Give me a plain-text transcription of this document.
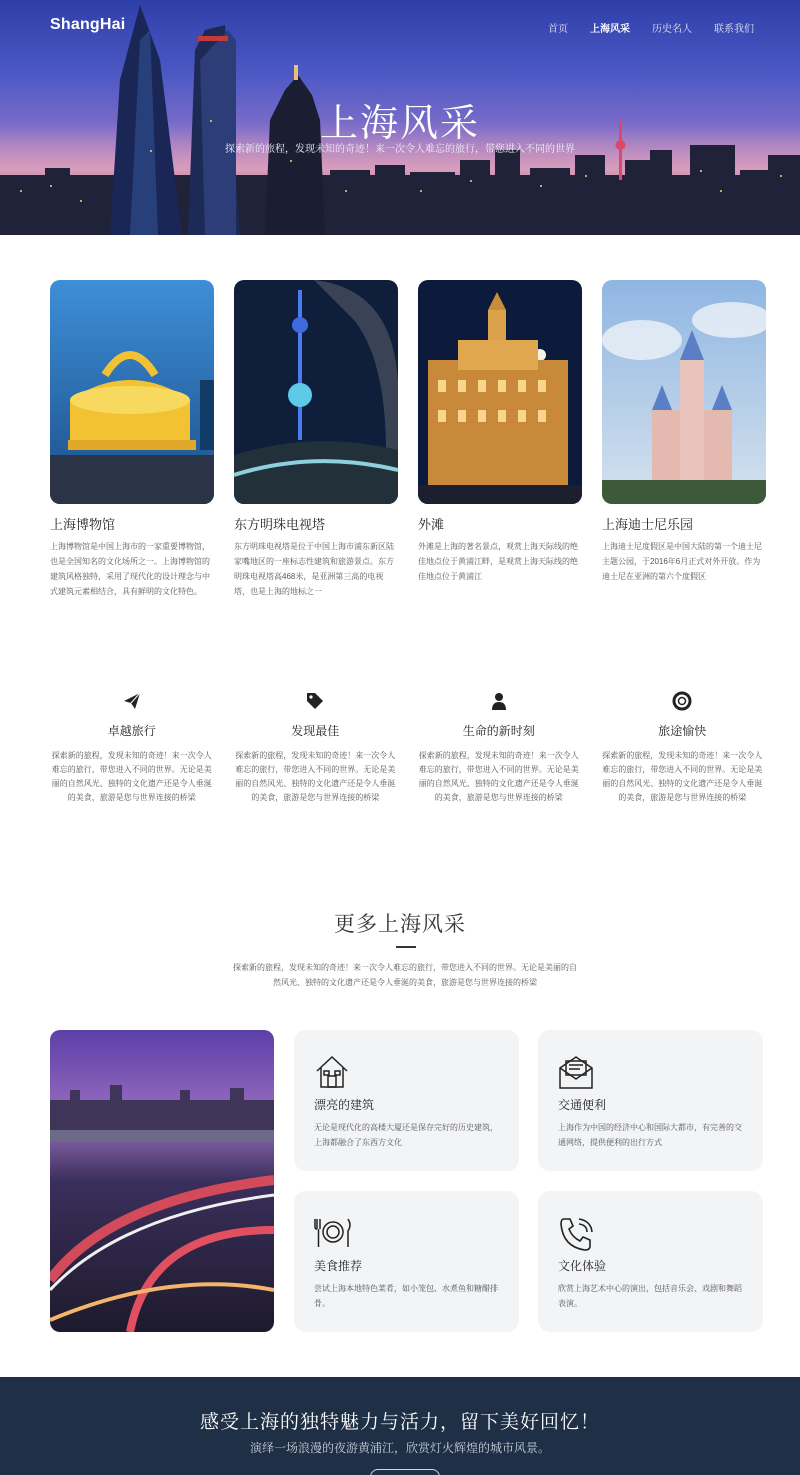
ShangHai	首页 上海风采 历史名人 联系我们
上海风采
探索新的旅程，发现未知的奇迹！来一次令人难忘的旅行，带您进入不同的世界
上海博物馆
上海博物馆是中国上海市的一家重要博物馆，也是全国知名的文化场所之一。上海博物馆的建筑风格独特，采用了现代化的设计理念与中式建筑元素相结合，具有鲜明的文化特色。
东方明珠电视塔
东方明珠电视塔是位于中国上海市浦东新区陆家嘴地区的一座标志性建筑和旅游景点。东方明珠电视塔高468米，是亚洲第三高的电视塔，也是上海的地标之一
外滩
外滩是上海的著名景点，观赏上海天际线的绝佳地点位于黄浦江畔，是观赏上海天际线的绝佳地点位于黄浦江
上海迪士尼乐园
上海迪士尼度假区是中国大陆的第一个迪士尼主题公园，于2016年6月正式对外开放。作为迪士尼在亚洲的第六个度假区
卓越旅行
探索新的旅程，发现未知的奇迹！来一次令人难忘的旅行，带您进入不同的世界。无论是美丽的自然风光、独特的文化遗产还是令人垂涎的美食，旅游是您与世界连接的桥梁
发现最佳
探索新的旅程，发现未知的奇迹！来一次令人难忘的旅行，带您进入不同的世界。无论是美丽的自然风光、独特的文化遗产还是令人垂涎的美食，旅游是您与世界连接的桥梁
生命的新时刻
探索新的旅程，发现未知的奇迹！来一次令人难忘的旅行，带您进入不同的世界。无论是美丽的自然风光、独特的文化遗产还是令人垂涎的美食，旅游是您与世界连接的桥梁
旅途愉快
探索新的旅程，发现未知的奇迹！来一次令人难忘的旅行，带您进入不同的世界。无论是美丽的自然风光、独特的文化遗产还是令人垂涎的美食，旅游是您与世界连接的桥梁
更多上海风采
探索新的旅程，发现未知的奇迹！来一次令人难忘的旅行，带您进入不同的世界。无论是美丽的自然风光、独特的文化遗产还是令人垂涎的美食，旅游是您与世界连接的桥梁
漂亮的建筑
无论是现代化的高楼大厦还是保存完好的历史建筑，上海都融合了东西方文化
交通便利
上海作为中国的经济中心和国际大都市，有完善的交通网络，提供便利的出行方式
美食推荐
尝试上海本地特色菜肴，如小笼包、水煮鱼和糖醋排骨。
文化体验
欣赏上海艺术中心的演出，包括音乐会、戏剧和舞蹈表演。
感受上海的独特魅力与活力，留下美好回忆！
演绎一场浪漫的夜游黄浦江，欣赏灯火辉煌的城市风景。
